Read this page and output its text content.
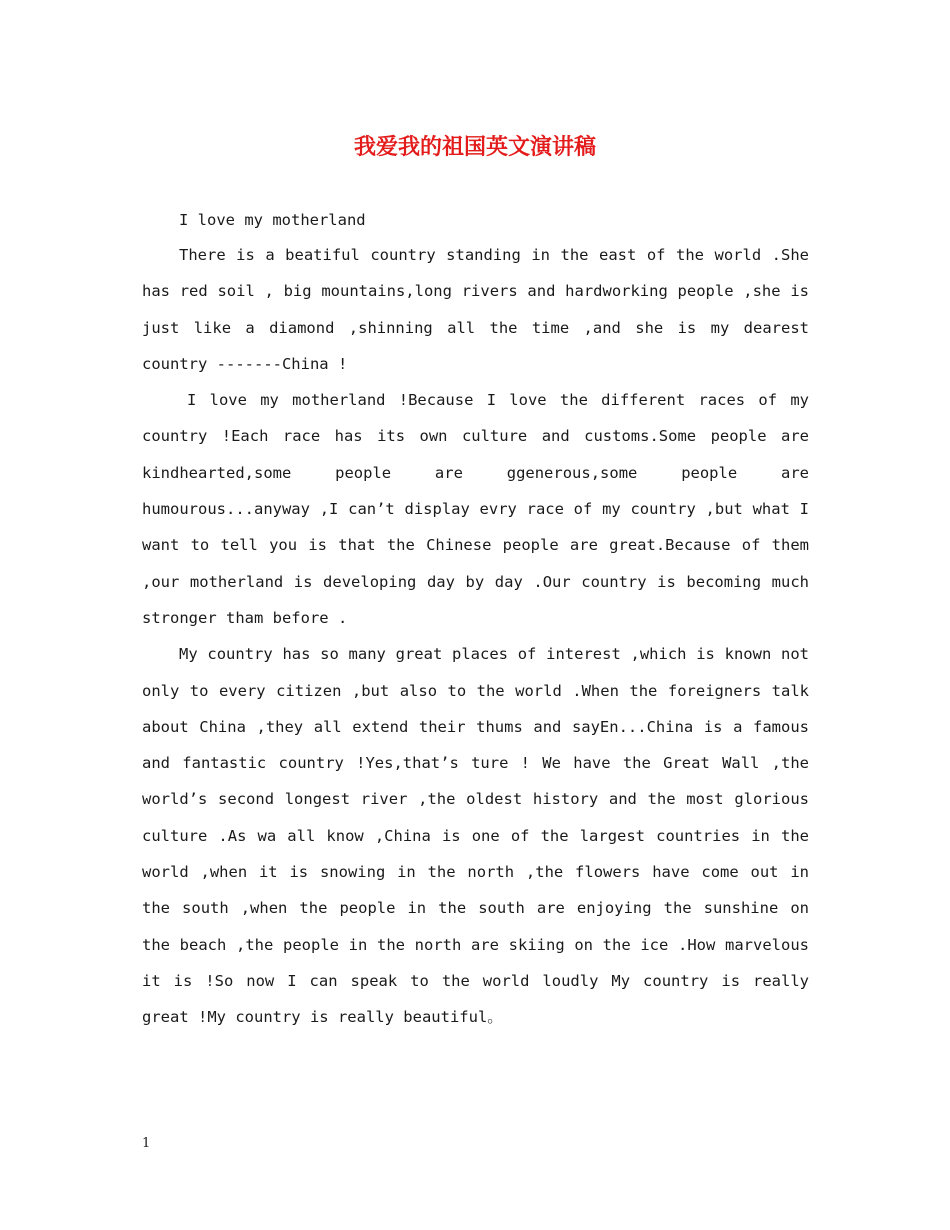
我爱我的祖国英文演讲稿

I love my motherland

There is a beatiful country standing in the east of the world .She has red soil , big mountains,long rivers and hardworking people ,she is just like a diamond ,shinning all the time ,and she is my dearest country -------China !

I love my motherland !Because I love the different races of my country !Each race has its own culture and customs.Some people are kindhearted,some people are ggenerous,some people are humourous...anyway ,I can’t display evry race of my country ,but what I want to tell you is that the Chinese people are great.Because of them ,our motherland is developing day by day .Our country is becoming much stronger tham before .

My country has so many great places of interest ,which is known not only to every citizen ,but also to the world .When the foreigners talk about China ,they all extend their thums and sayEn...China is a famous and fantastic country !Yes,that’s ture ! We have the Great Wall ,the world’s second longest river ,the oldest history and the most glorious culture .As wa all know ,China is one of the largest countries in the world ,when it is snowing in the north ,the flowers have come out in the south ,when the people in the south are enjoying the sunshine on the beach ,the people in the north are skiing on the ice .How marvelous it is !So now I can speak to the world loudly My country is really great !My country is really beautiful。

1
